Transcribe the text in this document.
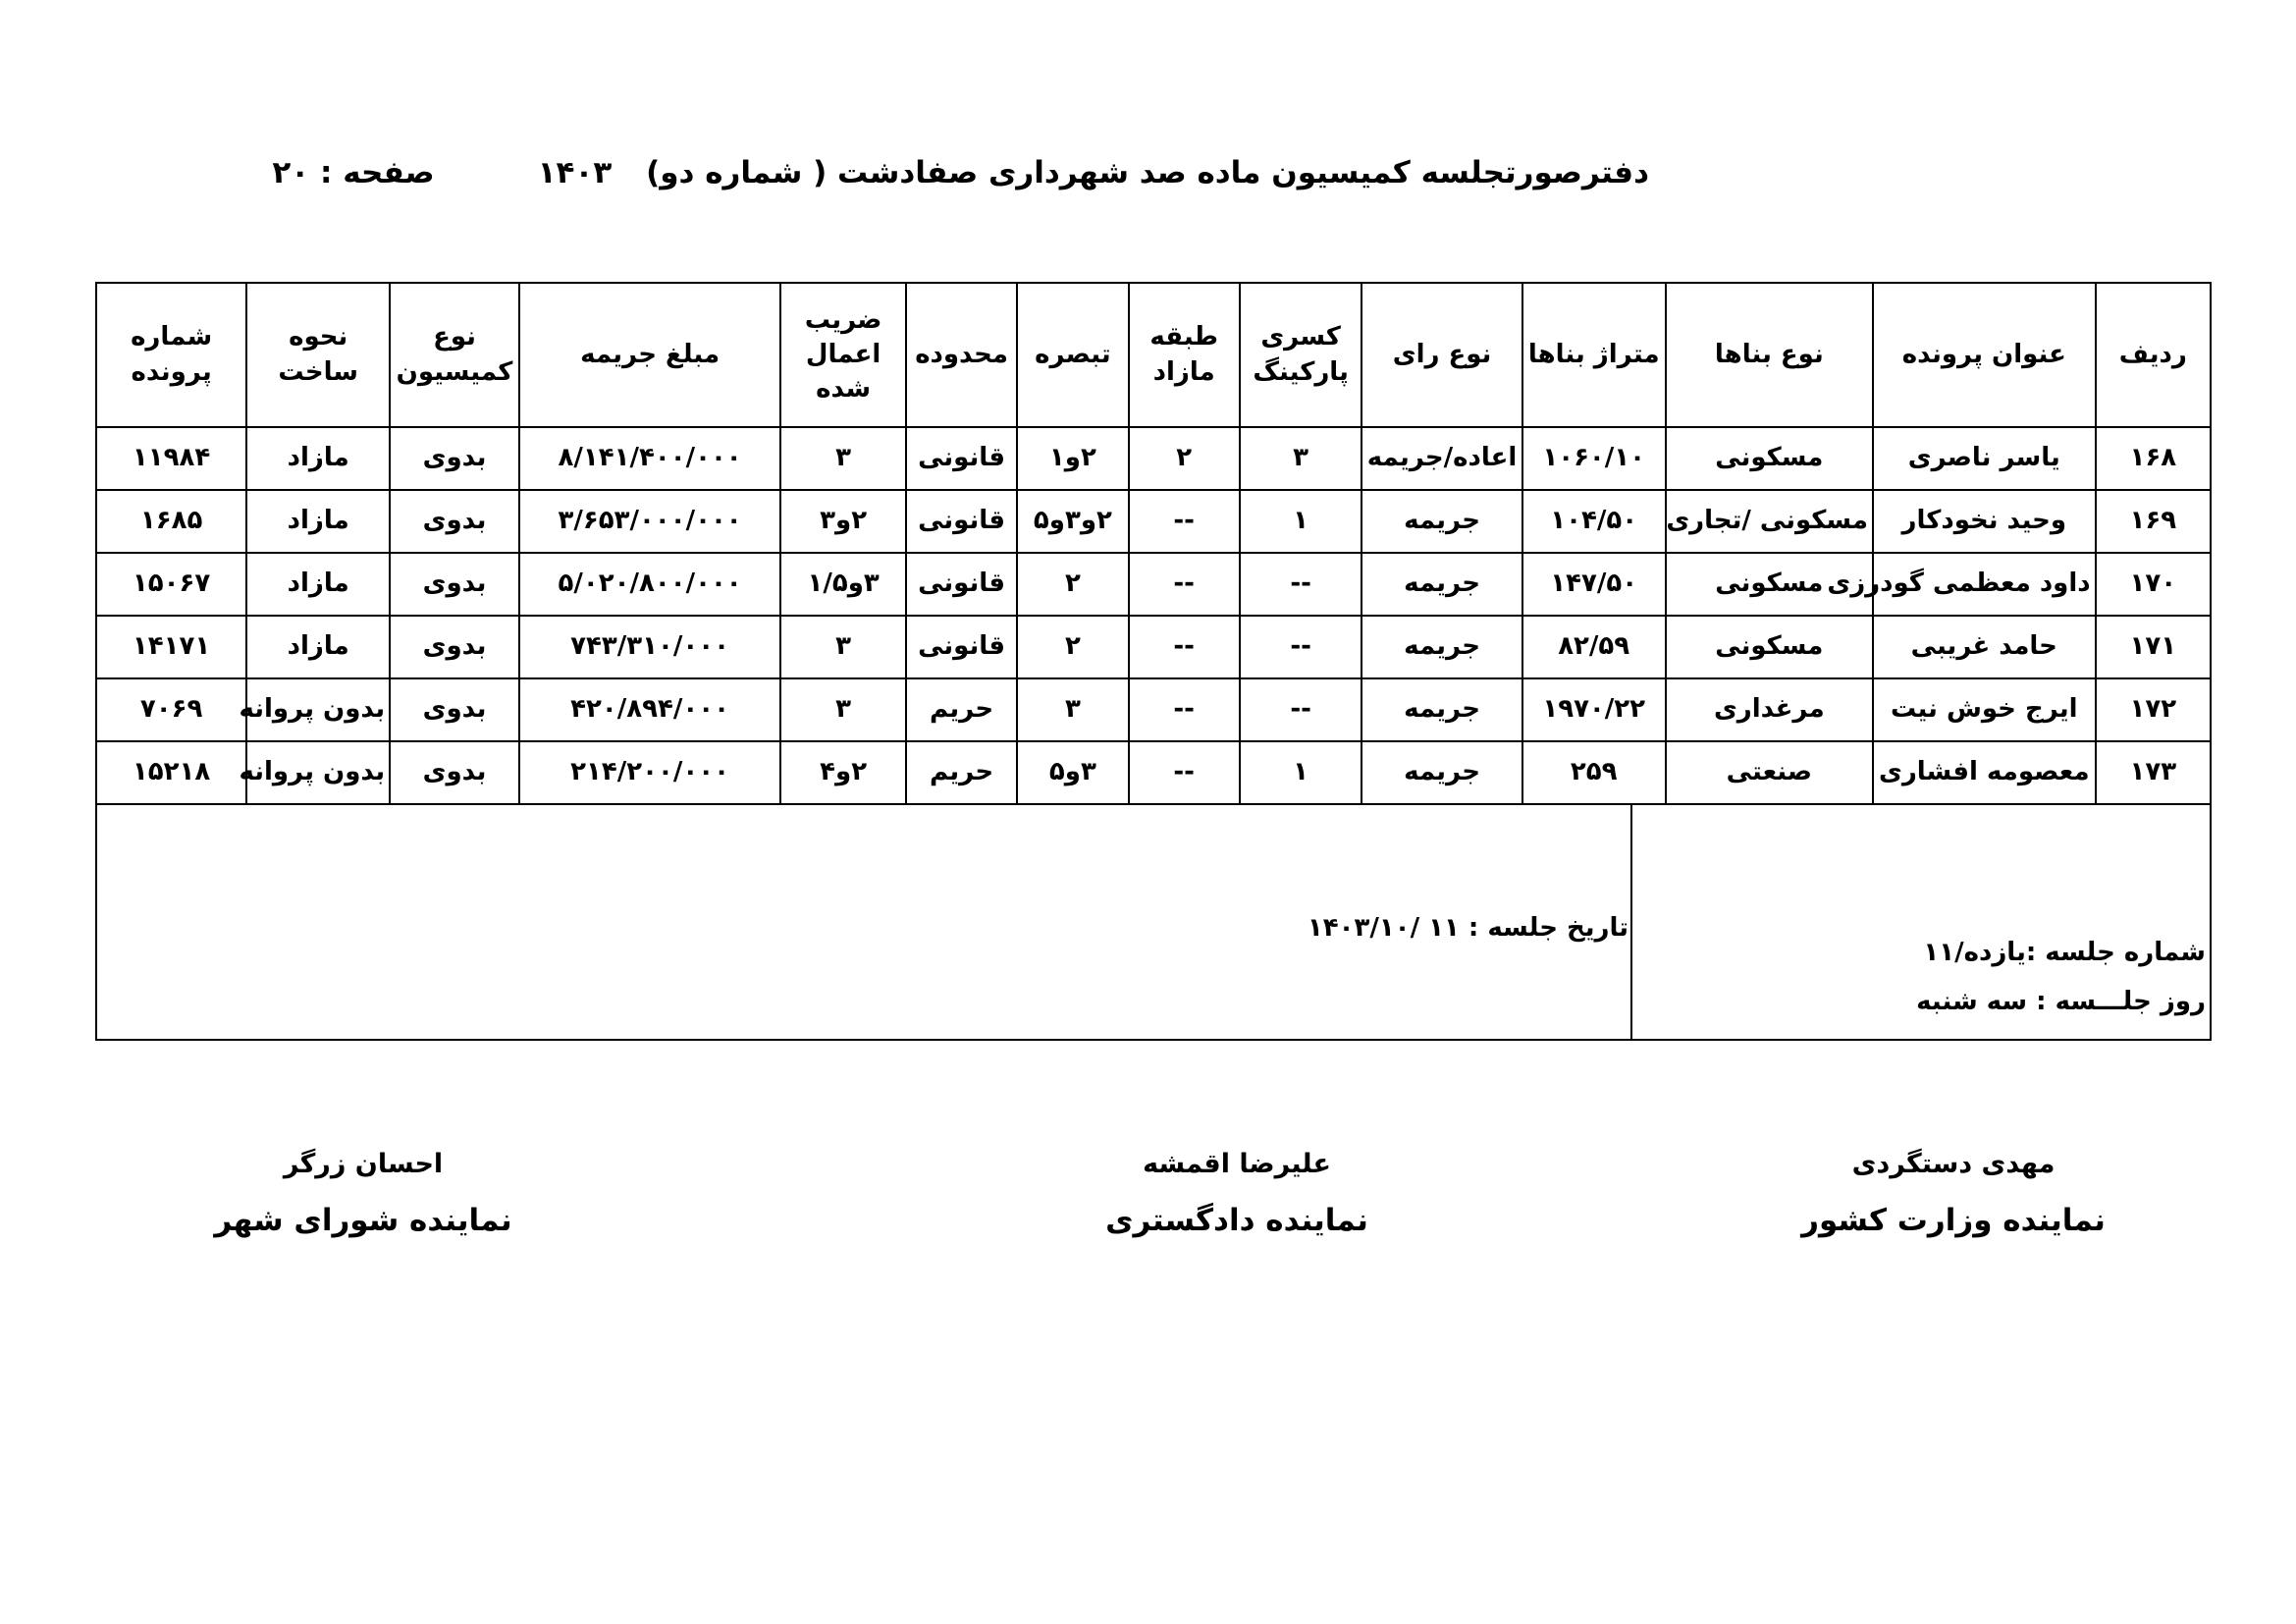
دفترصورتجلسه کمیسیون ماده صد شهرداری صفادشت ( شماره دو) ۱۴۰۳
صفحه : ۲۰
ردیف	عنوان پرونده	نوع بناها	متراژ بناها	نوع رای	کسری پارکینگ	طبقه مازاد	تبصره	محدوده	ضریب اعمال شده	مبلغ جریمه	نوع کمیسیون	نحوه ساخت	شماره پرونده
۱۶۸	یاسر ناصری	مسکونی	۱۰۶۰/۱۰	اعاده/جریمه	۳	۲	۲و۱	قانونی	۳	۸/۱۴۱/۴۰۰/۰۰۰	بدوی	مازاد	۱۱۹۸۴
۱۶۹	وحید نخودکار	مسکونی /تجاری	۱۰۴/۵۰	جریمه	۱	--	۲و۳و۵	قانونی	۲و۳	۳/۶۵۳/۰۰۰/۰۰۰	بدوی	مازاد	۱۶۸۵
۱۷۰	داود معظمی گودرزی	مسکونی	۱۴۷/۵۰	جریمه	--	--	۲	قانونی	۳و۱/۵	۵/۰۲۰/۸۰۰/۰۰۰	بدوی	مازاد	۱۵۰۶۷
۱۷۱	حامد غریبی	مسکونی	۸۲/۵۹	جریمه	--	--	۲	قانونی	۳	۷۴۳/۳۱۰/۰۰۰	بدوی	مازاد	۱۴۱۷۱
۱۷۲	ایرج خوش نیت	مرغداری	۱۹۷۰/۲۲	جریمه	--	--	۳	حریم	۳	۴۲۰/۸۹۴/۰۰۰	بدوی	بدون پروانه	۷۰۶۹
۱۷۳	معصومه افشاری	صنعتی	۲۵۹	جریمه	۱	--	۳و۵	حریم	۲و۴	۲۱۴/۲۰۰/۰۰۰	بدوی	بدون پروانه	۱۵۲۱۸
تاریخ جلسه : ۱۱ /۱۴۰۳/۱۰
شماره جلسه :یازده/۱۱
روز جلـــسه : سه شنبه
مهدی دستگردی
نماینده وزارت کشور
علیرضا اقمشه
نماینده دادگستری
احسان زرگر
نماینده شورای شهر
